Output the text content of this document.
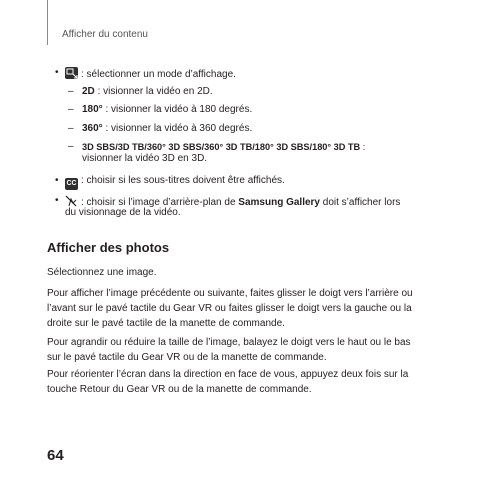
Afficher du contenu
•	: sélectionner un mode d’affichage.
– 2D : visionner la vidéo en 2D.
– 180° : visionner la vidéo à 180 degrés.
– 360° : visionner la vidéo à 360 degrés.
– 3D SBS/3D TB/360° 3D SBS/360° 3D TB/180° 3D SBS/180° 3D TB :
visionner la vidéo 3D en 3D.
• CC : choisir si les sous-titres doivent être affichés.
•	: choisir si l’image d’arrière-plan de Samsung Gallery doit s’afficher lors
du visionnage de la vidéo.
Afficher des photos
Sélectionnez une image.
Pour afficher l’image précédente ou suivante, faites glisser le doigt vers l’arrière ou
l’avant sur le pavé tactile du Gear VR ou faites glisser le doigt vers la gauche ou la
droite sur le pavé tactile de la manette de commande.
Pour agrandir ou réduire la taille de l’image, balayez le doigt vers le haut ou le bas
sur le pavé tactile du Gear VR ou de la manette de commande.
Pour réorienter l’écran dans la direction en face de vous, appuyez deux fois sur la
touche Retour du Gear VR ou de la manette de commande.
64
